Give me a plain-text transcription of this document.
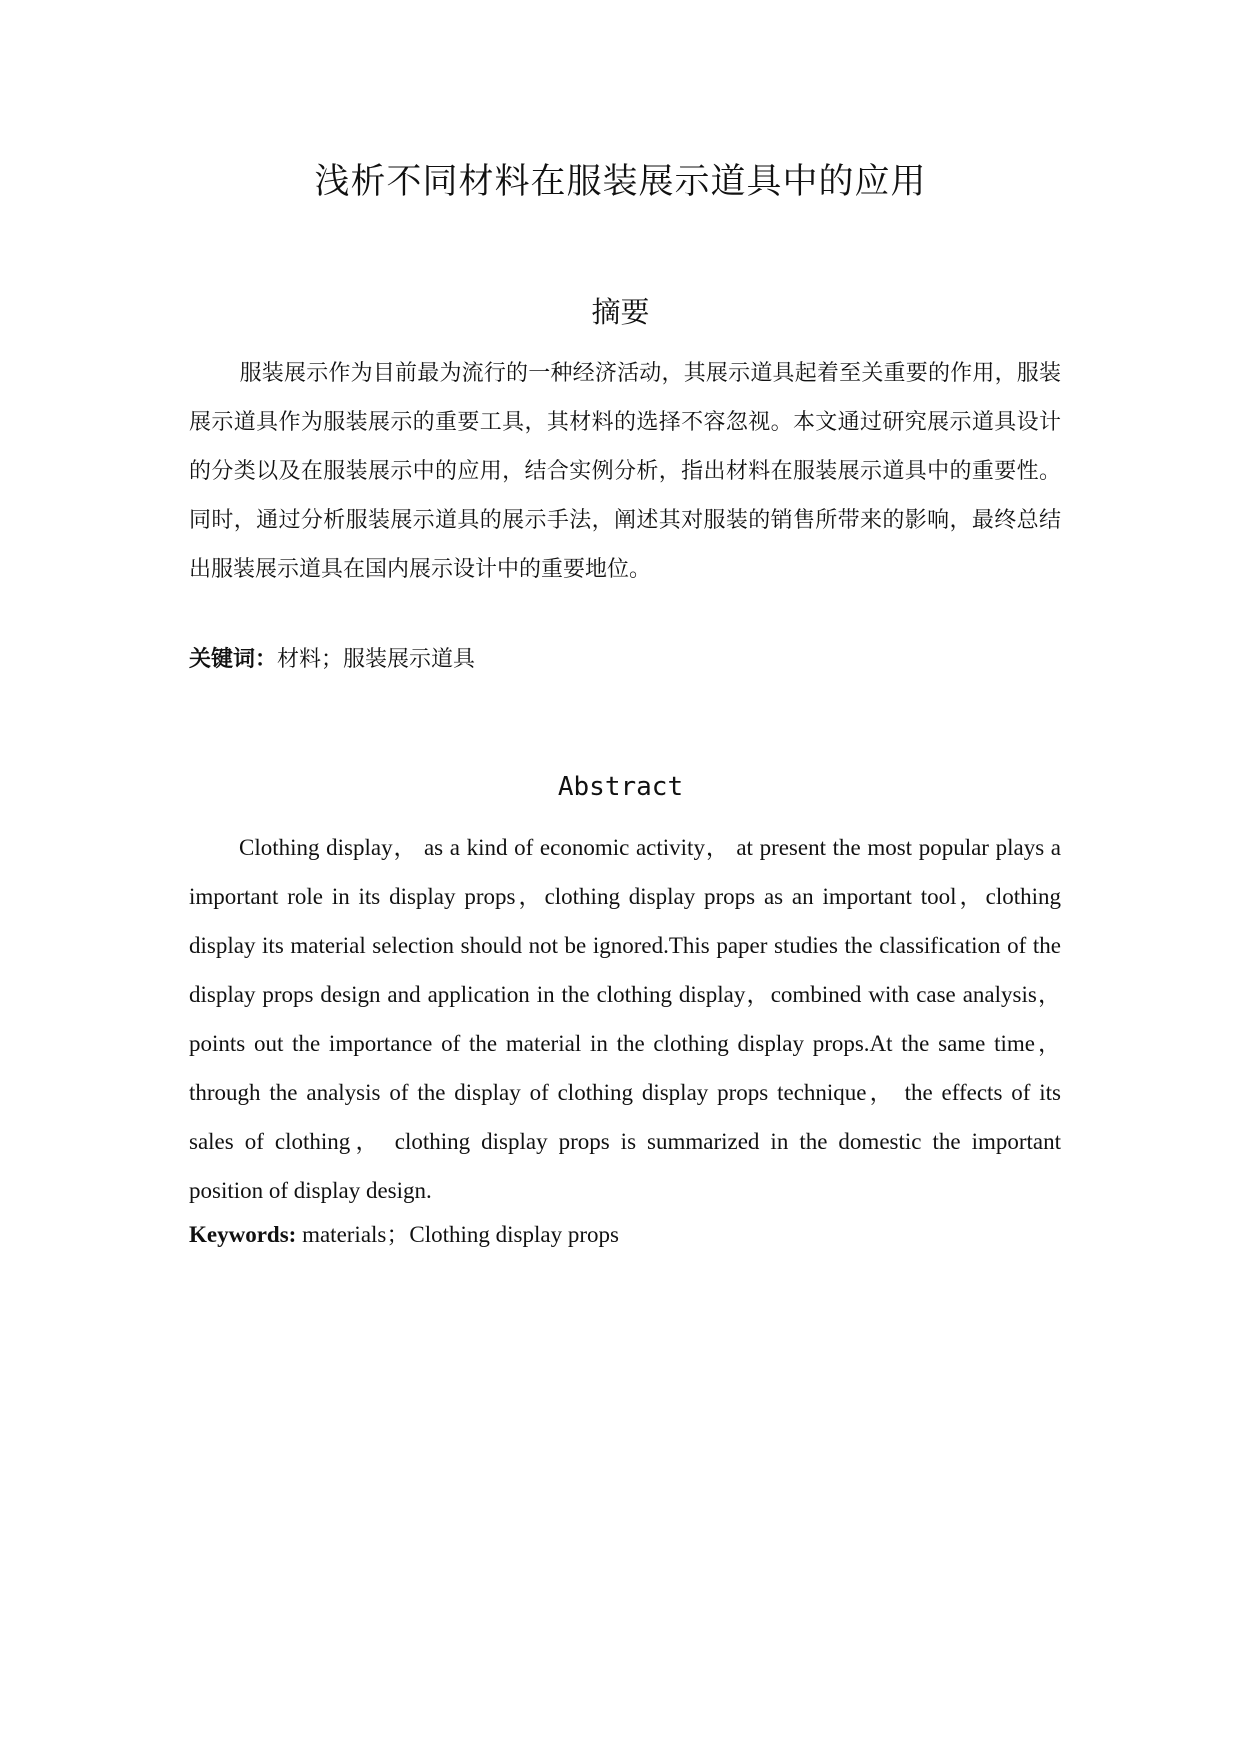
浅析不同材料在服装展示道具中的应用
摘要

服装展示作为目前最为流行的一种经济活动，其展示道具起着至关重要的作用，服装展示道具作为服装展示的重要工具，其材料的选择不容忽视。本文通过研究展示道具设计的分类以及在服装展示中的应用，结合实例分析，指出材料在服装展示道具中的重要性。同时，通过分析服装展示道具的展示手法，阐述其对服装的销售所带来的影响，最终总结出服装展示道具在国内展示设计中的重要地位。

关键词：材料；服装展示道具

Abstract

Clothing display， as a kind of economic activity， at present the most popular plays a important role in its display props，clothing display props as an important tool，clothing display its material selection should not be ignored.This paper studies the classification of the display props design and application in the clothing display，combined with case analysis，points out the importance of the material in the clothing display props.At the same time，through the analysis of the display of clothing display props technique， the effects of its sales of clothing， clothing display props is summarized in the domestic the important position of display design.

Keywords: materials；Clothing display props
